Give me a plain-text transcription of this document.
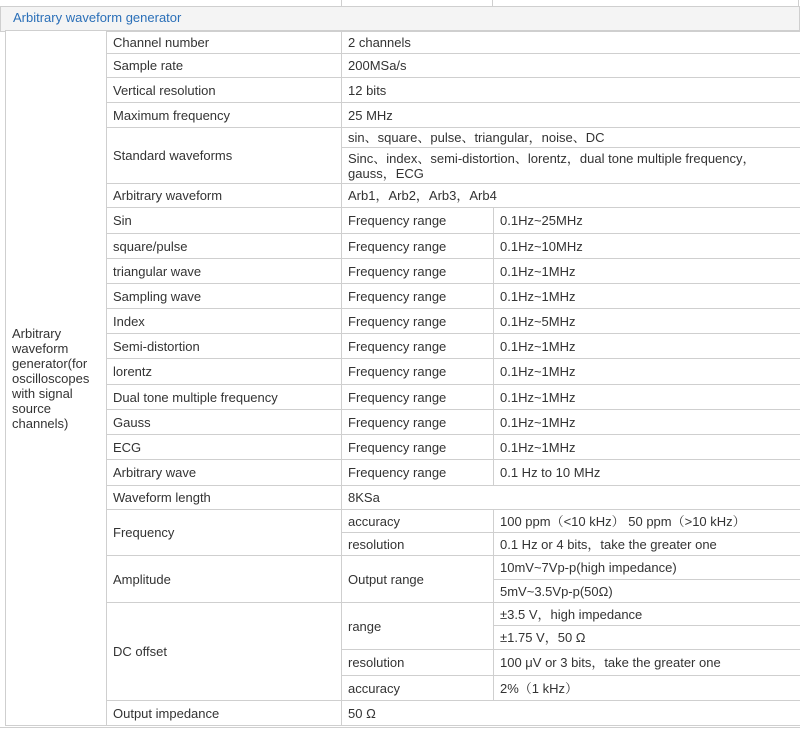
Arbitrary waveform generator
Arbitrary waveform generator(for oscilloscopes with signal source channels)	Channel number	2 channels	
	Sample rate	200MSa/s	
	Vertical resolution	12 bits	
	Maximum frequency	25 MHz	
	Standard waveforms	sin、square、pulse、triangular，noise、DC	
		Sinc、index、semi-distortion、lorentz，dual tone multiple frequency，gauss，ECG	
	Arbitrary waveform	Arb1，Arb2，Arb3，Arb4	
	Sin	Frequency range	0.1Hz~25MHz
	square/pulse	Frequency range	0.1Hz~10MHz
	triangular wave	Frequency range	0.1Hz~1MHz
	Sampling wave	Frequency range	0.1Hz~1MHz
	Index	Frequency range	0.1Hz~5MHz
	Semi-distortion	Frequency range	0.1Hz~1MHz
	lorentz	Frequency range	0.1Hz~1MHz
	Dual tone multiple frequency	Frequency range	0.1Hz~1MHz
	Gauss	Frequency range	0.1Hz~1MHz
	ECG	Frequency range	0.1Hz~1MHz
	Arbitrary wave	Frequency range	0.1 Hz to 10 MHz
	Waveform length	8KSa	
	Frequency	accuracy	100 ppm（<10 kHz） 50 ppm（>10 kHz）
		resolution	0.1 Hz or 4 bits，take the greater one
	Amplitude	Output range	10mV~7Vp-p(high impedance)
			5mV~3.5Vp-p(50Ω)
	DC offset	range	±3.5 V，high impedance
			±1.75 V，50 Ω
		resolution	100 μV or 3 bits，take the greater one
		accuracy	2%（1 kHz）
	Output impedance	50 Ω	
